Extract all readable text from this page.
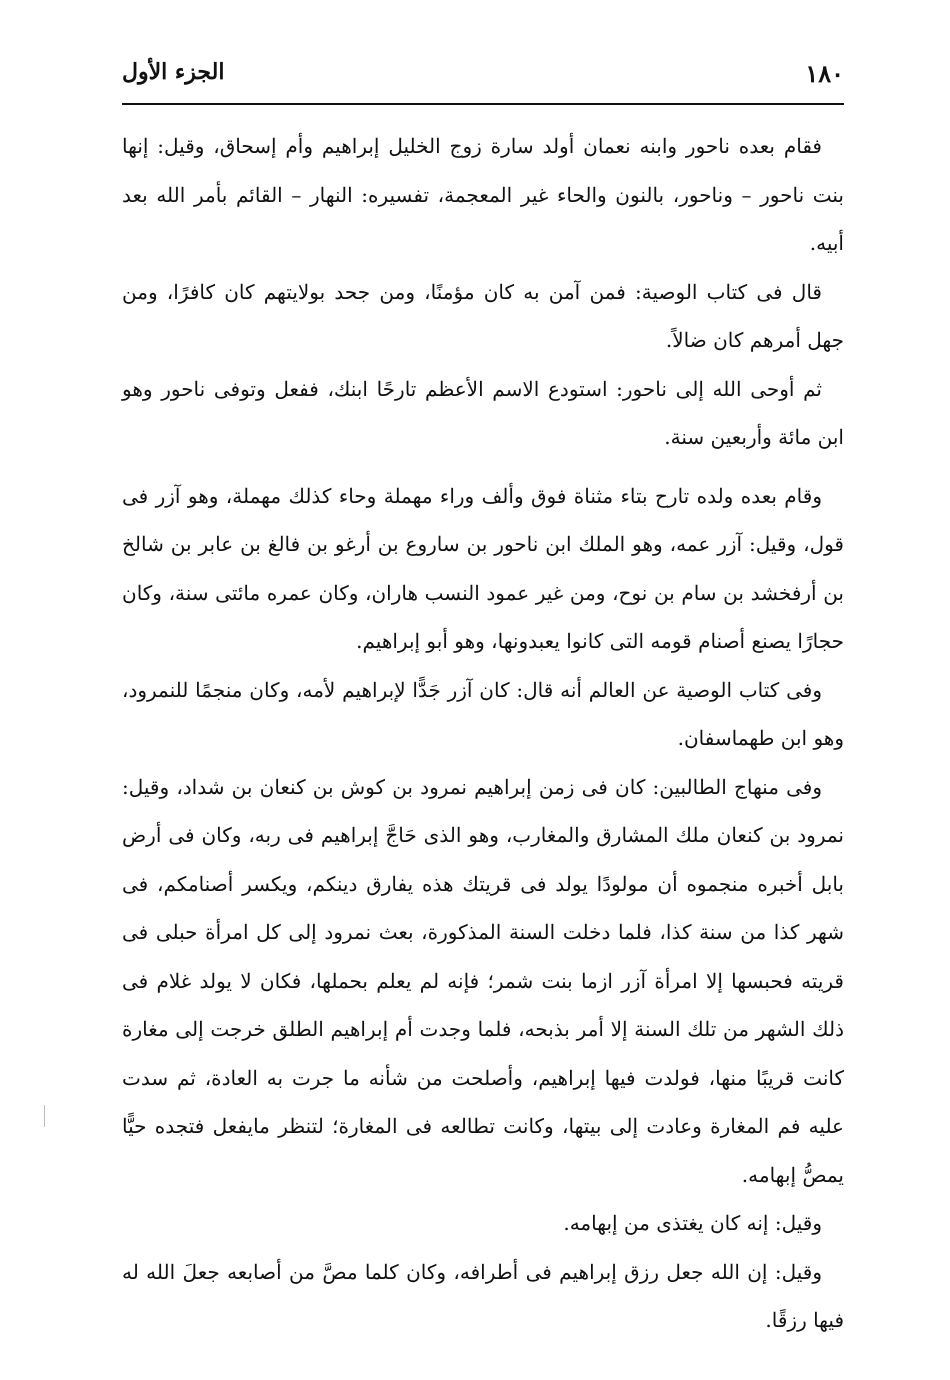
١٨٠
الجزء الأول

فقام بعده ناحور وابنه نعمان أولد سارة زوج الخليل إبراهيم وأم إسحاق، وقيل: إنها بنت ناحور – وناحور، بالنون والحاء غير المعجمة، تفسيره: النهار – القائم بأمر الله بعد أبيه.

قال فى كتاب الوصية: فمن آمن به كان مؤمنًا، ومن جحد بولايتهم كان كافرًا، ومن جهل أمرهم كان ضالاً.

ثم أوحى الله إلى ناحور: استودع الاسم الأعظم تارحًا ابنك، ففعل وتوفى ناحور وهو ابن مائة وأربعين سنة.

وقام بعده ولده تارح بتاء مثناة فوق وألف وراء مهملة وحاء كذلك مهملة، وهو آزر فى قول، وقيل: آزر عمه، وهو الملك ابن ناحور بن ساروع بن أرغو بن فالغ بن عابر بن شالخ بن أرفخشد بن سام بن نوح، ومن غير عمود النسب هاران، وكان عمره مائتى سنة، وكان حجارًا يصنع أصنام قومه التى كانوا يعبدونها، وهو أبو إبراهيم.

وفى كتاب الوصية عن العالم أنه قال: كان آزر جَدًّا لإبراهيم لأمه، وكان منجمًا للنمرود، وهو ابن طهماسفان.

وفى منهاج الطالبين: كان فى زمن إبراهيم نمرود بن كوش بن كنعان بن شداد، وقيل: نمرود بن كنعان ملك المشارق والمغارب، وهو الذى حَاجَّ إبراهيم فى ربه، وكان فى أرض بابل أخبره منجموه أن مولودًا يولد فى قريتك هذه يفارق دينكم، ويكسر أصنامكم، فى شهر كذا من سنة كذا، فلما دخلت السنة المذكورة، بعث نمرود إلى كل امرأة حبلى فى قريته فحبسها إلا امرأة آزر ازما بنت شمر؛ فإنه لم يعلم بحملها، فكان لا يولد غلام فى ذلك الشهر من تلك السنة إلا أمر بذبحه، فلما وجدت أم إبراهيم الطلق خرجت إلى مغارة كانت قريبًا منها، فولدت فيها إبراهيم، وأصلحت من شأنه ما جرت به العادة، ثم سدت عليه فم المغارة وعادت إلى بيتها، وكانت تطالعه فى المغارة؛ لتنظر مايفعل فتجده حيًّا يمصُّ إبهامه.

وقيل: إنه كان يغتذى من إبهامه.

وقيل: إن الله جعل رزق إبراهيم فى أطرافه، وكان كلما مصَّ من أصابعه جعلَ الله له فيها رزقًا.
